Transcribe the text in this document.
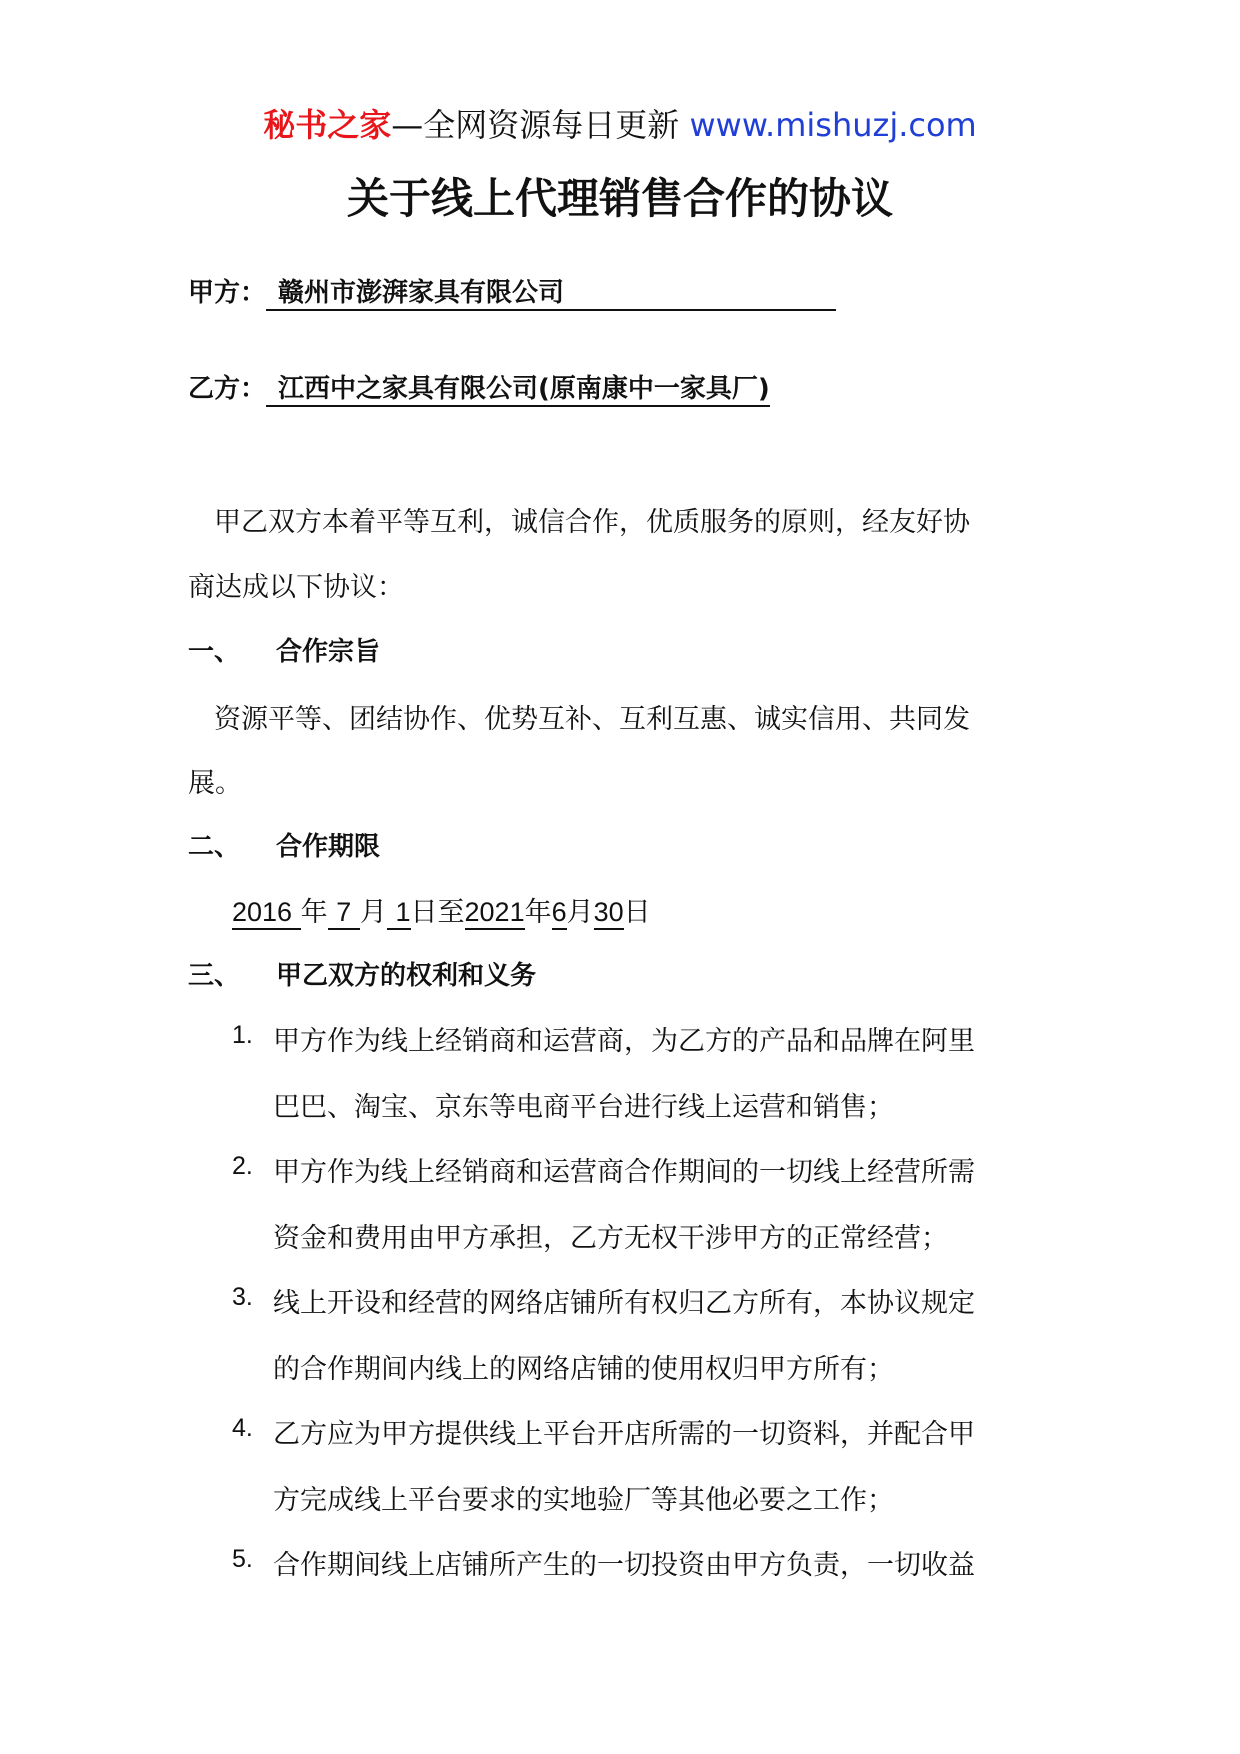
秘书之家—全网资源每日更新 www.mishuzj.com
关于线上代理销售合作的协议
甲方： 赣州市澎湃家具有限公司
乙方： 江西中之家具有限公司(原南康中一家具厂)
甲乙双方本着平等互利，诚信合作，优质服务的原则，经友好协
商达成以下协议：
一、 合作宗旨
资源平等、团结协作、优势互补、互利互惠、诚实信用、共同发
展。
二、 合作期限
2016 年 7 月 1日至2021年6月30日
三、 甲乙双方的权利和义务
1. 甲方作为线上经销商和运营商，为乙方的产品和品牌在阿里
巴巴、淘宝、京东等电商平台进行线上运营和销售；
2. 甲方作为线上经销商和运营商合作期间的一切线上经营所需
资金和费用由甲方承担，乙方无权干涉甲方的正常经营；
3. 线上开设和经营的网络店铺所有权归乙方所有，本协议规定
的合作期间内线上的网络店铺的使用权归甲方所有；
4. 乙方应为甲方提供线上平台开店所需的一切资料，并配合甲
方完成线上平台要求的实地验厂等其他必要之工作；
5. 合作期间线上店铺所产生的一切投资由甲方负责，一切收益
